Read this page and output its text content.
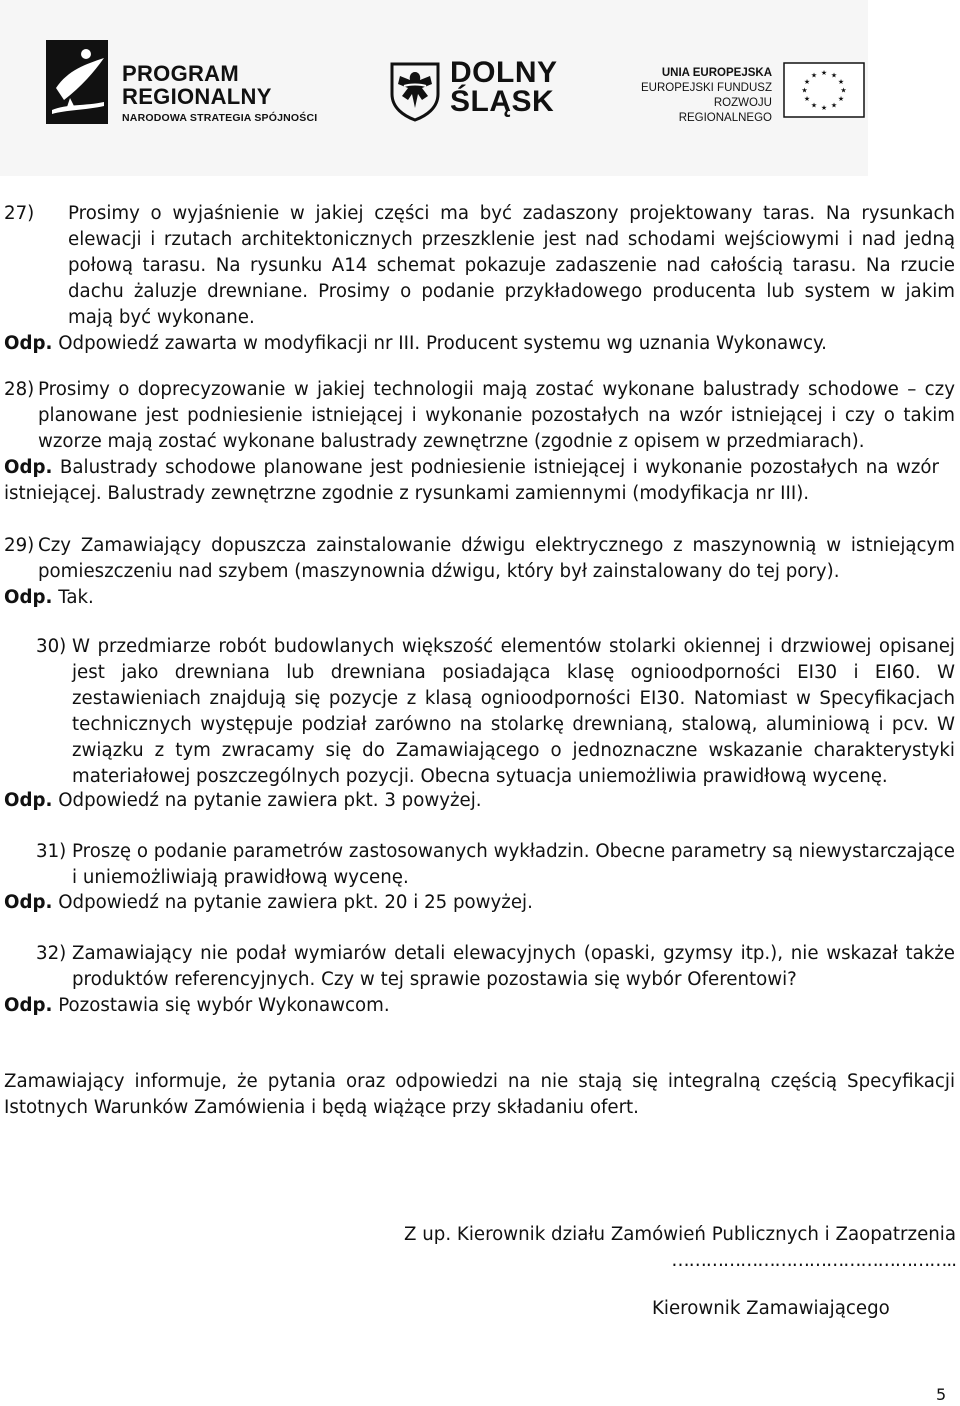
PROGRAM
REGIONALNY
NARODOWA STRATEGIA SPÓJNOŚCI
DOLNY
ŚLĄSK
UNIA EUROPEJSKA
EUROPEJSKI FUNDUSZ
ROZWOJU REGIONALNEGO
★ ★
★
★
★
★
★
★
★
★
★
★
27)	Prosimy o wyjaśnienie w jakiej części ma być zadaszony projektowany taras. Na rysunkach elewacji i rzutach architektonicznych przeszklenie jest nad schodami wejściowymi i nad jedną połową tarasu. Na rysunku A14 schemat pokazuje zadaszenie nad całością tarasu. Na rzucie dachu żaluzje drewniane. Prosimy o podanie przykładowego producenta lub system w jakim mają być wykonane.
Odp. Odpowiedź zawarta w modyfikacji nr III. Producent systemu wg uznania Wykonawcy.
28) Prosimy o doprecyzowanie w jakiej technologii mają zostać wykonane balustrady schodowe – czy planowane jest podniesienie istniejącej i wykonanie pozostałych na wzór istniejącej i czy o takim wzorze mają zostać wykonane balustrady zewnętrzne (zgodnie z opisem w przedmiarach).
Odp. Balustrady schodowe planowane jest podniesienie istniejącej i wykonanie pozostałych na wzór istniejącej. Balustrady zewnętrzne zgodnie z rysunkami zamiennymi (modyfikacja nr III).
29) Czy Zamawiający dopuszcza zainstalowanie dźwigu elektrycznego z maszynownią w istniejącym pomieszczeniu nad szybem (maszynownia dźwigu, który był zainstalowany do tej pory).
Odp. Tak.
30) W przedmiarze robót budowlanych większość elementów stolarki okiennej i drzwiowej opisanej jest jako drewniana lub drewniana posiadająca klasę ognioodporności EI30 i EI60. W zestawieniach znajdują się pozycje z klasą ognioodporności EI30. Natomiast w Specyfikacjach technicznych występuje podział zarówno na stolarkę drewnianą, stalową, aluminiową i pcv. W związku z tym zwracamy się do Zamawiającego o jednoznaczne wskazanie charakterystyki materiałowej poszczególnych pozycji. Obecna sytuacja uniemożliwia prawidłową wycenę.
Odp. Odpowiedź na pytanie zawiera pkt. 3 powyżej.
31) Proszę o podanie parametrów zastosowanych wykładzin. Obecne parametry są niewystarczające i uniemożliwiają prawidłową wycenę.
Odp. Odpowiedź na pytanie zawiera pkt. 20 i 25 powyżej.
32) Zamawiający nie podał wymiarów detali elewacyjnych (opaski, gzymsy itp.), nie wskazał także produktów referencyjnych. Czy w tej sprawie pozostawia się wybór Oferentowi?
Odp. Pozostawia się wybór Wykonawcom.
Zamawiający informuje, że pytania oraz odpowiedzi na nie stają się integralną częścią Specyfikacji Istotnych Warunków Zamówienia i będą wiążące przy składaniu ofert.
Z up. Kierownik działu Zamówień Publicznych i Zaopatrzenia
…………………………………………..
Kierownik Zamawiającego
5
